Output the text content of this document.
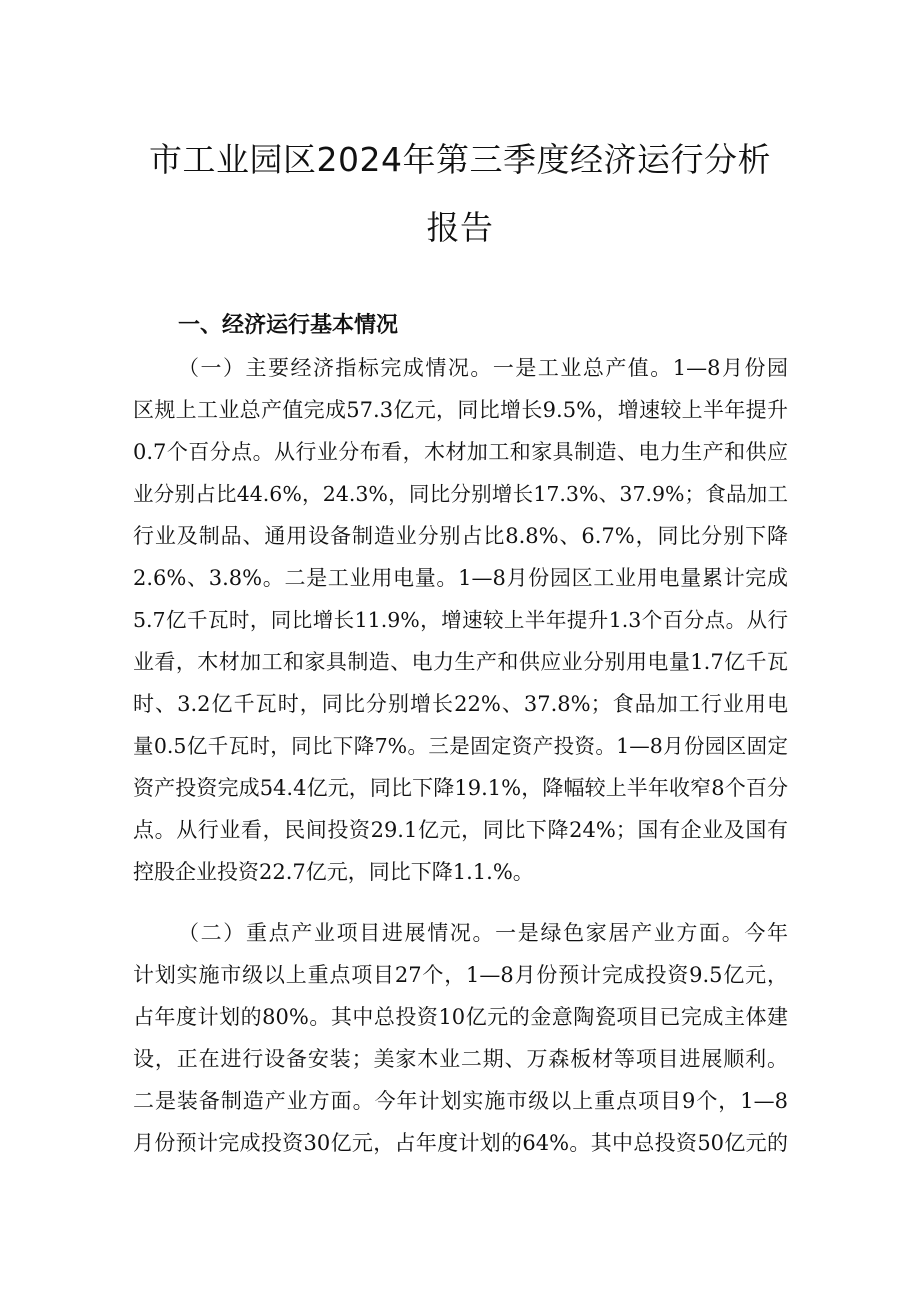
市工业园区2024年第三季度经济运行分析
报告
一、经济运行基本情况
（一）主要经济指标完成情况。一是工业总产值。1—8月份园
区规上工业总产值完成57.3亿元，同比增长9.5%，增速较上半年提升
0.7个百分点。从行业分布看，木材加工和家具制造、电力生产和供应
业分别占比44.6%，24.3%，同比分别增长17.3%、37.9%；食品加工
行业及制品、通用设备制造业分别占比8.8%、6.7%，同比分别下降
2.6%、3.8%。二是工业用电量。1—8月份园区工业用电量累计完成
5.7亿千瓦时，同比增长11.9%，增速较上半年提升1.3个百分点。从行
业看，木材加工和家具制造、电力生产和供应业分别用电量1.7亿千瓦
时、3.2亿千瓦时，同比分别增长22%、37.8%；食品加工行业用电
量0.5亿千瓦时，同比下降7%。三是固定资产投资。1—8月份园区固定
资产投资完成54.4亿元，同比下降19.1%，降幅较上半年收窄8个百分
点。从行业看，民间投资29.1亿元，同比下降24%；国有企业及国有
控股企业投资22.7亿元，同比下降1.1.%。
（二）重点产业项目进展情况。一是绿色家居产业方面。今年
计划实施市级以上重点项目27个，1—8月份预计完成投资9.5亿元，
占年度计划的80%。其中总投资10亿元的金意陶瓷项目已完成主体建
设，正在进行设备安装；美家木业二期、万森板材等项目进展顺利。
二是装备制造产业方面。今年计划实施市级以上重点项目9个，1—8
月份预计完成投资30亿元，占年度计划的64%。其中总投资50亿元的
